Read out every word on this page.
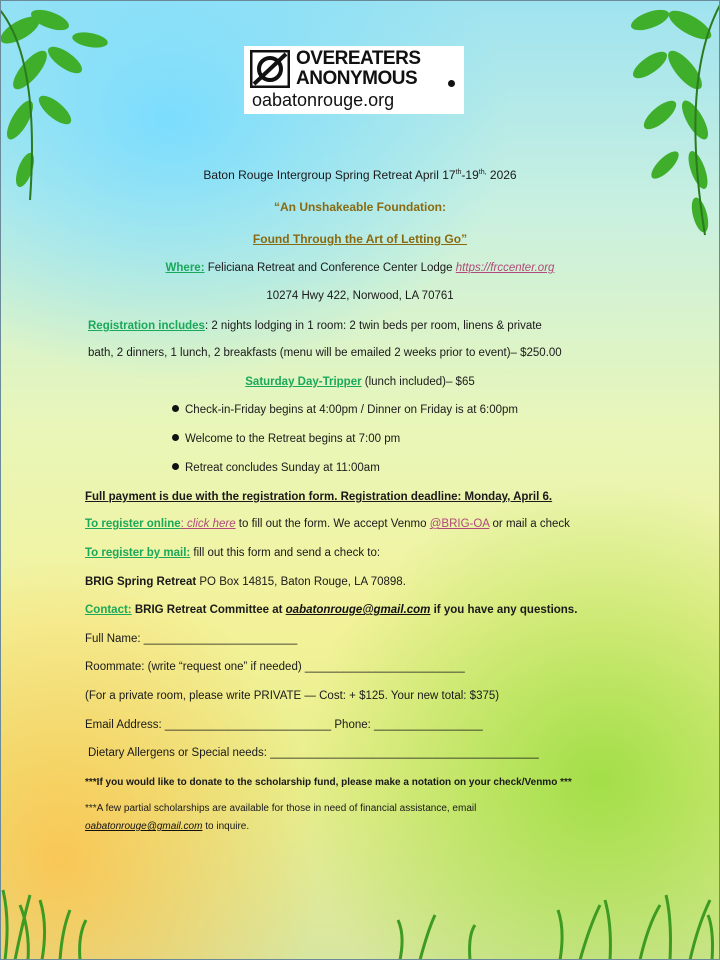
OVEREATERS
ANONYMOUS
oabatonrouge.org
Baton Rouge Intergroup Spring Retreat April $17th-19^{th,}$ 2026
“An Unshakeable Foundation:
Found Through the Art of Letting Go”
Where: Feliciana Retreat and Conference Center Lodge https://frccenter.org
10274 Hwy 422, Norwood, LA 70761
Registration includes: 2 nights lodging in 1 room: 2 twin beds per room, linens & private
bath, 2 dinners, 1 lunch, 2 breakfasts (menu will be emailed 2 weeks prior to event)– $250.00
Saturday Day-Tripper (lunch included)– $65
Check-in-Friday begins at 4:00pm / Dinner on Friday is at 6:00pm
Welcome to the Retreat begins at 7:00 pm
Retreat concludes Sunday at 11:00am
Full payment is due with the registration form. Registration deadline: Monday, April 6.
To register online: click here to fill out the form. We accept Venmo @BRIG-OA or mail a check
To register by mail: fill out this form and send a check to:
BRIG Spring Retreat PO Box 14815, Baton Rouge, LA 70898.
Contact: BRIG Retreat Committee at oabatonrouge@gmail.com if you have any questions.
Full Name: ________________________
Roommate: (write “request one” if needed) _________________________
(For a private room, please write PRIVATE — Cost: + $125. Your new total: $375)
Email Address: __________________________ Phone: _________________
Dietary Allergens or Special needs: __________________________________________
***If you would like to donate to the scholarship fund, please make a notation on your check/Venmo ***
***A few partial scholarships are available for those in need of financial assistance, email
oabatonrouge@gmail.com to inquire.
